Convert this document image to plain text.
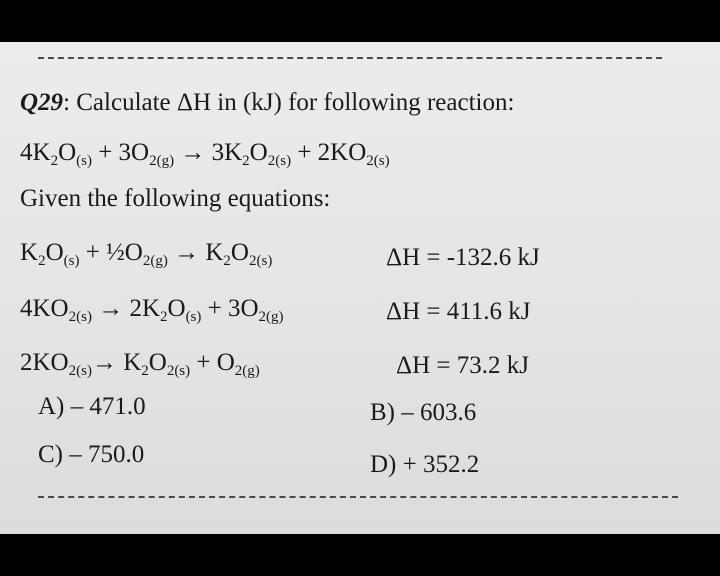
Q29: Calculate ΔH in (kJ) for following reaction:
$4K_2O_{(s)} + 3O_{2(g)} \to 3K_2O_{2(s)} + 2KO_{2(s)}$
Given the following equations:
$K_2O_{(s)}$ + $\frac{1}{2}O_{2(g)} \to K_2O_{2(s)}$	ΔH = -132.6 kJ
$4KO_{2(s)} \to 2K_2O_{(s)} + 3O_{2(g)}$	ΔH = 411.6 kJ
$2KO_{2(s)}\to K_2O_{2(s)} + O_{2(g)}$	ΔH = 73.2 kJ
A) – 471.0	B) – 603.6
C) – 750.0	D) + 352.2
